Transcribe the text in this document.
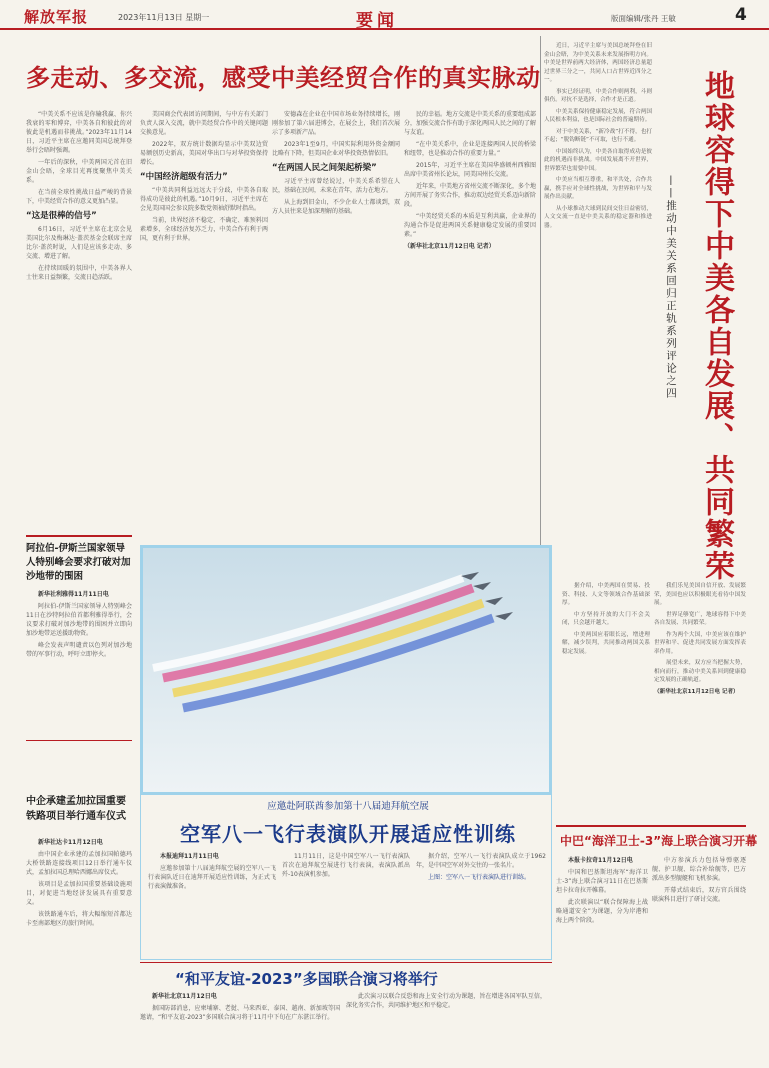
解放军报	2023年11月13日 星期一	要闻	版面编辑/张丹 王敏	4
多走动、多交流，感受中美经贸合作的真实脉动

“中美关系不应该是你输我赢、你兴我衰的零和博弈，中美各自和彼此的对彼此是机遇而非挑战。”2023年11月14日，习近平主席在应邀同美国总统拜登举行会晤时强调。

一年后的深秋，中美两国元首在旧金山会晤，全球目光再度聚焦中美关系。

在当前全球性挑战日益严峻的背景下，中美经贸合作的意义更加凸显。

“这是很棒的信号”

6月16日，习近平主席在北京会见美国比尔及梅琳达·盖茨基金会联席主席比尔·盖茨时说，人们是应该多走动、多交流、增进了解。

在持续回暖的氛围中，中美各界人士往来日益频繁，交流日趋活跃。

美国商会代表团访问期间，与中方有关部门负责人深入交流，就中美经贸合作中的关键问题交换意见。

2022年，双方统计数据均显示中美双边贸易额创历史新高，美国对华出口与对华投资保持增长。

“中国经济超级有活力”

“中美共同利益远远大于分歧，中美各自取得成功是彼此的机遇。”10月9日，习近平主席在会见美国国会参议院多数党领袖舒默时指出。

当前，世界经济不稳定、不确定、难预料因素增多，全球经济复苏乏力，中美合作有利于两国，更有利于世界。

安德森在企业在中国市场业务持续增长，刚刚参加了第六届进博会，在展会上，我们首次展示了多项新产品。

2023年1至9月，中国实际利用外资金额同比略有下降，但美国企业对华投资热情依旧。

“在两国人民之间架起桥梁”

习近平主席曾经说过，中美关系希望在人民，基础在民间，未来在青年，活力在地方。

从上海到旧金山，不少企业人士都谈到，双方人员往来是加深理解的基础。

民的幸福。地方交流是中美关系的重要组成部分，加强交流合作有助于深化两国人民之间的了解与友谊。

“在中美关系中，企业是连接两国人民的桥梁和纽带，也是推动合作的重要力量。”

2015年，习近平主席在美国华盛顿州西雅图出席中美省州长论坛，同美国州长交流。

近年来，中美地方省州交流不断深化，多个地方间开展了务实合作，推动双边经贸关系迈向新阶段。

“中美经贸关系的本质是互利共赢，企业界的沟通合作是促进两国关系健康稳定发展的重要因素。”

（新华社北京11月12日电 记者）

近日，习近平主席与美国总统拜登在旧金山会晤，为中美关系未来发展指明方向。中美是世界前两大经济体，两国经济总量超过世界三分之一，共同人口占世界近四分之一。

事实已经证明，中美合作则两利，斗则俱伤。对抗不是选择，合作才是正道。

中美关系保持健康稳定发展，符合两国人民根本利益，也是国际社会的普遍期待。

对于中美关系，“新冷战”打不得，也打不起；“脱钩断链”不可取，也行不通。

中国始终认为，中美各自取得成功是彼此的机遇而非挑战。中国发展离不开世界，世界繁荣也需要中国。

中美应当相互尊重，和平共处，合作共赢，携手应对全球性挑战，为世界和平与发展作出贡献。

从小球推动大球到民间交往日益密切，人文交流一直是中美关系的稳定器和推进器。	地球容得下中美各自发展、共同繁荣
——推动中美关系回归正轨系列评论之四

我们乐见美国自信开放、发展繁荣，美国也应以积极眼光看待中国发展。

世界足够宽广，地球容得下中美各自发展、共同繁荣。

作为两个大国，中美应该在维护世界和平、促进共同发展方面发挥表率作用。

展望未来，双方应当把握大势，相向而行，推动中美关系回到健康稳定发展的正确轨道。

（新华社北京11月12日电 记者）

据介绍，中美两国在贸易、投资、科技、人文等领域合作基础深厚。

中方坚持开放的大门不会关闭，只会越开越大。

中美两国应着眼长远，增进理解，减少误判，共同推动两国关系稳定发展。

阿拉伯-伊斯兰国家领导人特别峰会要求打破对加沙地带的围困

新华社利雅得11月11日电

阿拉伯-伊斯兰国家领导人特别峰会11日在沙特阿拉伯首都利雅得举行，会议要求打破对加沙地带的围困并立即向加沙地带运送援助物资。

峰会发表声明谴责以色列对加沙地带的军事行动，呼吁立即停火。

中企承建孟加拉国重要铁路项目举行通车仪式

新华社达卡11月12日电

由中国企业承建的孟加拉国帕德玛大桥铁路连接线项目12日举行通车仪式，孟加拉国总理哈西娜出席仪式。

该项目是孟加拉国重要基础设施项目，对促进当地经济发展具有重要意义。

该铁路通车后，将大幅缩短首都达卡至南部地区的旅行时间。

应邀赴阿联酋参加第十八届迪拜航空展
空军八一飞行表演队开展适应性训练

本报迪拜11月11日电

应邀参加第十八届迪拜航空展的空军八一飞行表演队近日在迪拜开展适应性训练，为正式飞行表演做准备。

11月11日，这是中国空军八一飞行表演队首次在迪拜航空展进行飞行表演，表演队派出歼-10表演机参加。

据介绍，空军八一飞行表演队成立于1962年，是中国空军对外交往的一张名片。

上图：空军八一飞行表演队进行训练。

“和平友谊-2023”多国联合演习将举行

新华社北京11月12日电

据国防部消息，应柬埔寨、老挝、马来西亚、泰国、越南、新加坡等国邀请，“和平友谊-2023”多国联合演习将于11月中下旬在广东湛江举行。

此次演习以联合反恐和海上安全行动为课题，旨在增进各国军队互信，深化务实合作，共同维护地区和平稳定。

中巴“海洋卫士-3”海上联合演习开幕

本报卡拉奇11月12日电

中国和巴基斯坦海军“海洋卫士-3”海上联合演习11日在巴基斯坦卡拉奇拉开帷幕。

此次联演以“联合保障海上战略通道安全”为课题，分为岸港和海上两个阶段。

中方参演兵力包括导弹驱逐舰、护卫舰、综合补给舰等，巴方派出多型舰艇和飞机参演。

开幕式结束后，双方官兵围绕联演科目进行了研讨交流。
